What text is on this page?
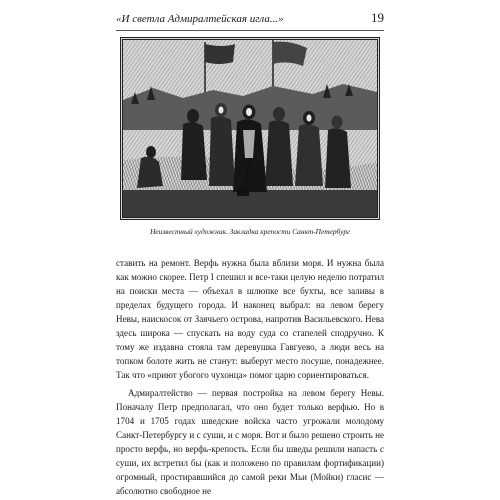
«И светла Адмиралтейская игла...»	19
Неизвестный художник. Закладка крепости Санкт-Петербург

ставить на ремонт. Верфь нужна была вблизи моря. И нужна была как можно скорее. Петр I спешил и все-таки целую неделю потратил на поиски места — объехал в шлюпке все бухты, все заливы в пределах будущего города. И наконец выбрал: на левом берегу Невы, наискосок от Заячьего острова, напротив Васильевского. Нева здесь широка — спускать на воду суда со стапелей сподручно. К тому же издавна стояла там деревушка Гавгуево, а люди весь на топком болоте жить не станут: выберут место посуше, понадежнее. Так что «приют убогого чухонца» помог царю сориентироваться.

Адмиралтейство — первая постройка на левом берегу Невы. Поначалу Петр предполагал, что оно будет только верфью. Но в 1704 и 1705 годах шведские войска часто угрожали молодому Санкт-Петербургу и с суши, и с моря. Вот и было решено строить не просто верфь, но верфь-крепость. Если бы шведы решили напасть с суши, их встретил бы (как и положено по правилам фортификации) огромный, простиравшийся до самой реки Мьи (Мойки) гласис — абсолютно свободное не
